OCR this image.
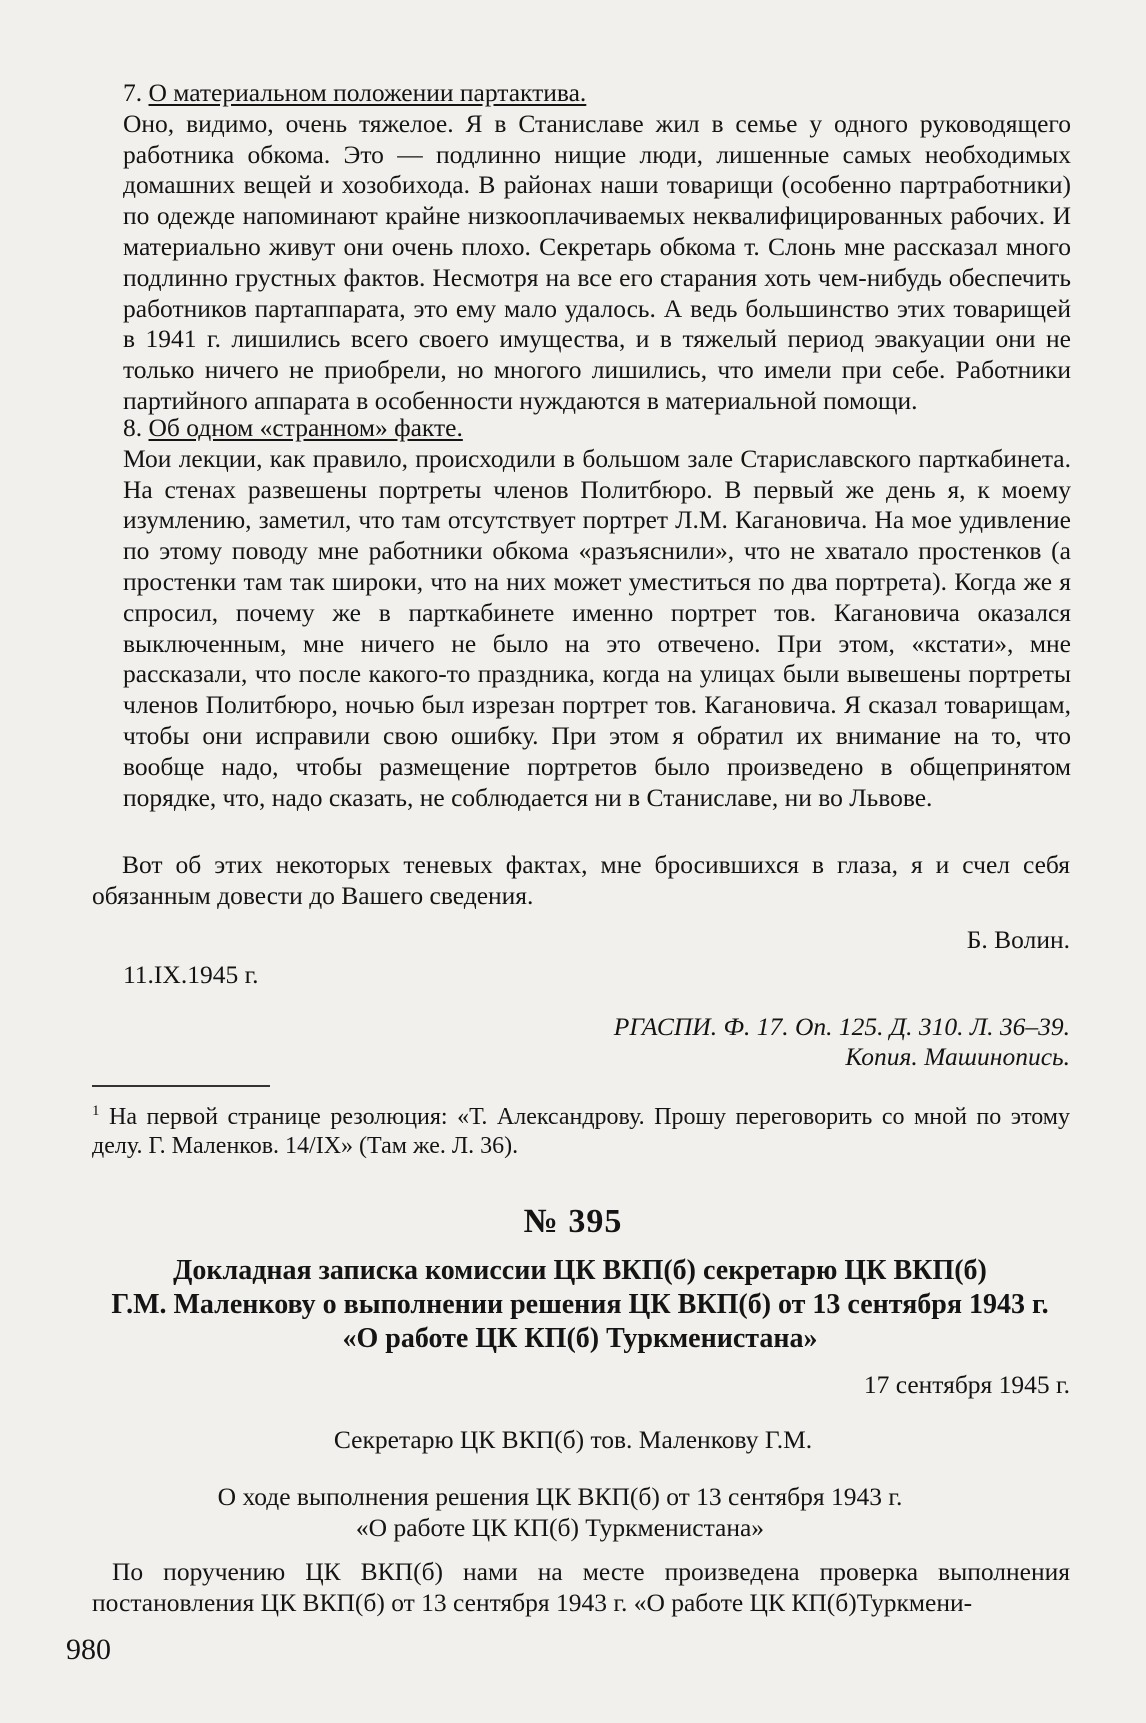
7. О материальном положении партактива.

Оно, видимо, очень тяжелое. Я в Станиславе жил в семье у одного руководящего работника обкома. Это — подлинно нищие люди, лишенные самых необходимых домашних вещей и хозобихода. В районах наши товарищи (особенно партработники) по одежде напоминают крайне низкооплачиваемых неквалифицированных рабочих. И материально живут они очень плохо. Секретарь обкома т. Слонь мне рассказал много подлинно грустных фактов. Несмотря на все его старания хоть чем-нибудь обеспечить работников партаппарата, это ему мало удалось. А ведь большинство этих товарищей в 1941 г. лишились всего своего имущества, и в тяжелый период эвакуации они не только ничего не приобрели, но многого лишились, что имели при себе. Работники партийного аппарата в особенности нуждаются в материальной помощи.

8. Об одном «странном» факте.

Мои лекции, как правило, происходили в большом зале Стариславского парткабинета. На стенах развешены портреты членов Политбюро. В первый же день я, к моему изумлению, заметил, что там отсутствует портрет Л.М. Кагановича. На мое удивление по этому поводу мне работники обкома «разъяснили», что не хватало простенков (а простенки там так широки, что на них может уместиться по два портрета). Когда же я спросил, почему же в парткабинете именно портрет тов. Кагановича оказался выключенным, мне ничего не было на это отвечено. При этом, «кстати», мне рассказали, что после какого-то праздника, когда на улицах были вывешены портреты членов Политбюро, ночью был изрезан портрет тов. Кагановича. Я сказал товарищам, чтобы они исправили свою ошибку. При этом я обратил их внимание на то, что вообще надо, чтобы размещение портретов было произведено в общепринятом порядке, что, надо сказать, не соблюдается ни в Станиславе, ни во Львове.

Вот об этих некоторых теневых фактах, мне бросившихся в глаза, я и счел себя обязанным довести до Вашего сведения.

Б. Волин.

11.IX.1945 г.

РГАСПИ. Ф. 17. Оп. 125. Д. 310. Л. 36–39.

Копия. Машинопись.

$^1$ На первой странице резолюция: «Т. Александрову. Прошу переговорить со мной по этому делу. Г. Маленков. 14/IX» (Там же. Л. 36).

№ 395
Докладная записка комиссии ЦК ВКП(б) секретарю ЦК ВКП(б)
Г.М. Маленкову о выполнении решения ЦК ВКП(б) от 13 сентября 1943 г.
«О работе ЦК КП(б) Туркменистана»

17 сентября 1945 г.

Секретарю ЦК ВКП(б) тов. Маленкову Г.М.

О ходе выполнения решения ЦК ВКП(б) от 13 сентября 1943 г.

«О работе ЦК КП(б) Туркменистана»

По поручению ЦК ВКП(б) нами на месте произведена проверка выполнения постановления ЦК ВКП(б) от 13 сентября 1943 г. «О работе ЦК КП(б)Туркмени-

980
